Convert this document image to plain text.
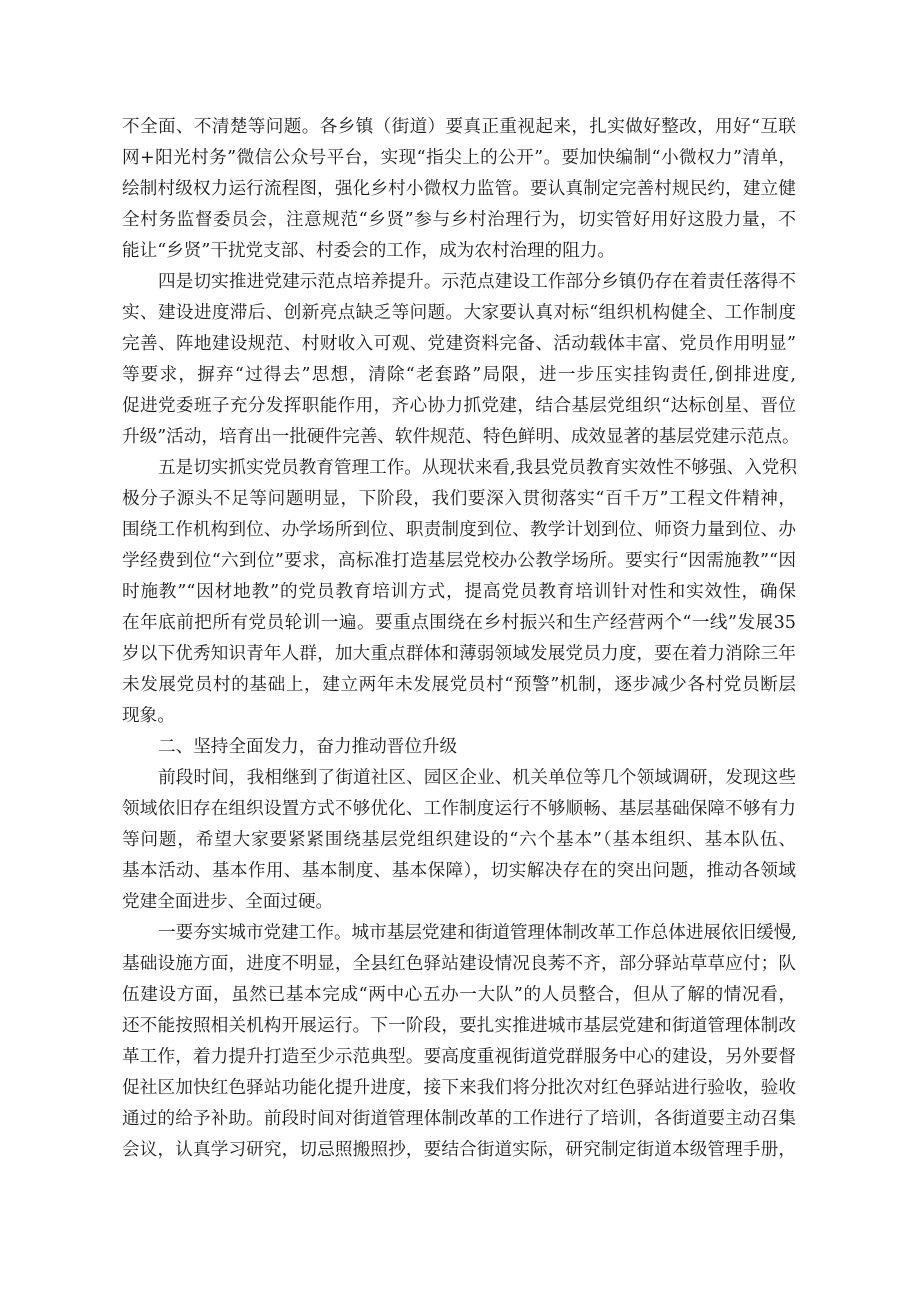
不全面、不清楚等问题。各乡镇（街道）要真正重视起来，扎实做好整改，用好“互联
网+阳光村务”微信公众号平台，实现“指尖上的公开”。要加快编制“小微权力”清单，
绘制村级权力运行流程图，强化乡村小微权力监管。要认真制定完善村规民约，建立健
全村务监督委员会，注意规范“乡贤”参与乡村治理行为，切实管好用好这股力量，不
能让“乡贤”干扰党支部、村委会的工作，成为农村治理的阻力。
四是切实推进党建示范点培养提升。示范点建设工作部分乡镇仍存在着责任落得不
实、建设进度滞后、创新亮点缺乏等问题。大家要认真对标“组织机构健全、工作制度
完善、阵地建设规范、村财收入可观、党建资料完备、活动载体丰富、党员作用明显”
等要求，摒弃“过得去”思想，清除“老套路”局限，进一步压实挂钩责任,倒排进度,
促进党委班子充分发挥职能作用，齐心协力抓党建，结合基层党组织“达标创星、晋位
升级”活动，培育出一批硬件完善、软件规范、特色鲜明、成效显著的基层党建示范点。
五是切实抓实党员教育管理工作。从现状来看,我县党员教育实效性不够强、入党积
极分子源头不足等问题明显，下阶段，我们要深入贯彻落实“百千万”工程文件精神，
围绕工作机构到位、办学场所到位、职责制度到位、教学计划到位、师资力量到位、办
学经费到位“六到位”要求，高标准打造基层党校办公教学场所。要实行“因需施教”“因
时施教”“因材地教”的党员教育培训方式，提高党员教育培训针对性和实效性，确保
在年底前把所有党员轮训一遍。要重点围绕在乡村振兴和生产经营两个“一线”发展35
岁以下优秀知识青年人群，加大重点群体和薄弱领域发展党员力度，要在着力消除三年
未发展党员村的基础上，建立两年未发展党员村“预警”机制，逐步减少各村党员断层
现象。
二、坚持全面发力，奋力推动晋位升级
前段时间，我相继到了街道社区、园区企业、机关单位等几个领域调研，发现这些
领域依旧存在组织设置方式不够优化、工作制度运行不够顺畅、基层基础保障不够有力
等问题，希望大家要紧紧围绕基层党组织建设的“六个基本”（基本组织、基本队伍、
基本活动、基本作用、基本制度、基本保障），切实解决存在的突出问题，推动各领域
党建全面进步、全面过硬。
一要夯实城市党建工作。城市基层党建和街道管理体制改革工作总体进展依旧缓慢,
基础设施方面，进度不明显，全县红色驿站建设情况良莠不齐，部分驿站草草应付；队
伍建设方面，虽然已基本完成“两中心五办一大队”的人员整合，但从了解的情况看，
还不能按照相关机构开展运行。下一阶段，要扎实推进城市基层党建和街道管理体制改
革工作，着力提升打造至少示范典型。要高度重视街道党群服务中心的建设，另外要督
促社区加快红色驿站功能化提升进度，接下来我们将分批次对红色驿站进行验收，验收
通过的给予补助。前段时间对街道管理体制改革的工作进行了培训，各街道要主动召集
会议，认真学习研究，切忌照搬照抄，要结合街道实际，研究制定街道本级管理手册，
